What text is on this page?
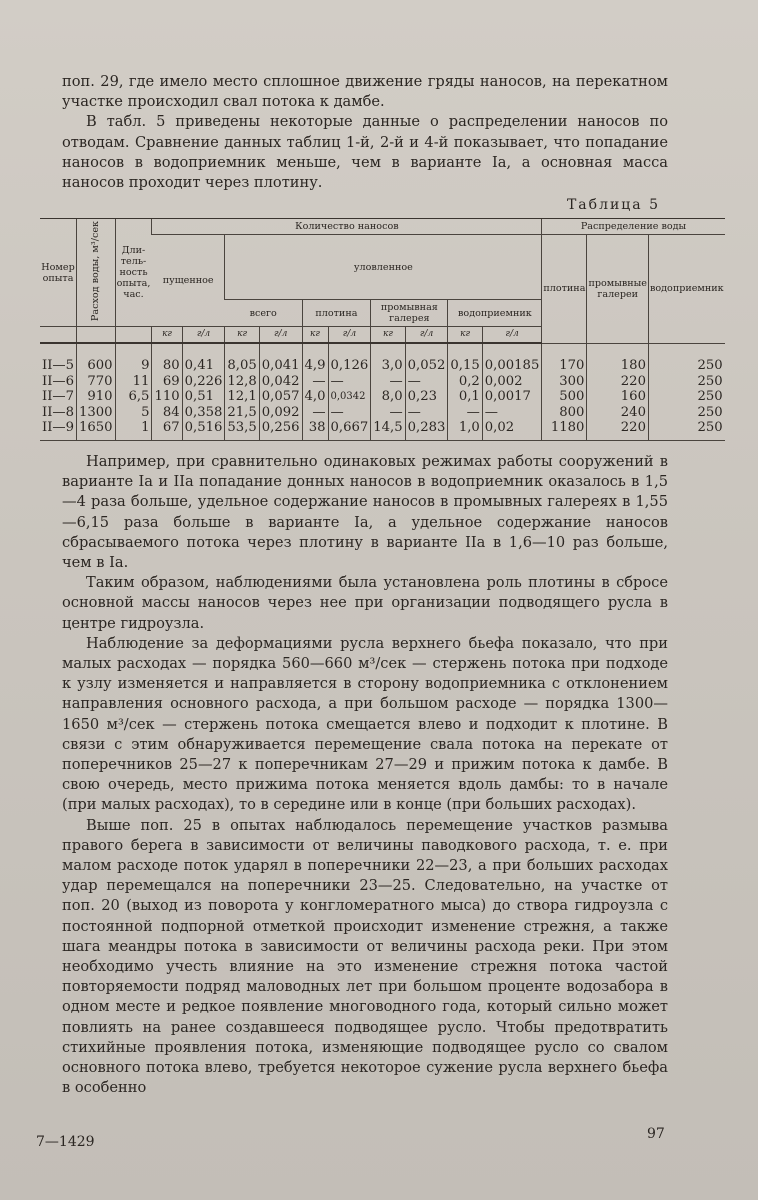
поп. 29, где имело место сплошное движение гряды наносов, на перекатном участке происходил свал потока к дамбе.

В табл. 5 приведены некоторые данные о распределении наносов по отводам. Сравнение данных таблиц 1-й, 2-й и 4-й показывает, что попадание наносов в водоприемник меньше, чем в варианте Iа, а основная масса наносов проходит через плотину.

Таблица 5
Номер опыта	Расход воды, м³/сек	Дли-тель-ность опыта, час.	Количество наносов										Распределение воды		
			пущенное		уловленное								плотина	промывные галереи	водоприемник
					всего		плотина		промывная галерея		водоприемник				
			кг	г/л	кг	г/л	кг	г/л	кг	г/л	кг	г/л			
II—5	600	9	80	0,41	8,05	0,041	4,9	0,126	3,0	0,052	0,15	0,00185	170	180	250
II—6	770	11	69	0,226	12,8	0,042	—	—	—	—	0,2	0,002	300	220	250
II—7	910	6,5	110	0,51	12,1	0,057	4,0	0,0342	8,0	0,23	0,1	0,0017	500	160	250
II—8	1300	5	84	0,358	21,5	0,092	—	—	—	—	—	—	800	240	250
II—9	1650	1	67	0,516	53,5	0,256	38	0,667	14,5	0,283	1,0	0,02	1180	220	250

Например, при сравнительно одинаковых режимах работы сооружений в варианте Iа и IIа попадание донных наносов в водоприемник оказалось в 1,5—4 раза больше, удельное содержание наносов в промывных галереях в 1,55—6,15 раза больше в варианте Iа, а удельное содержание наносов сбрасываемого потока через плотину в варианте IIа в 1,6—10 раз больше, чем в Iа.

Таким образом, наблюдениями была установлена роль плотины в сбросе основной массы наносов через нее при организации подводящего русла в центре гидроузла.

Наблюдение за деформациями русла верхнего бьефа показало, что при малых расходах — порядка 560—660 м³/сек — стержень потока при подходе к узлу изменяется и направляется в сторону водоприемника с отклонением направления основного расхода, а при большом расходе — порядка 1300—1650 м³/сек — стержень потока смещается влево и подходит к плотине. В связи с этим обнаруживается перемещение свала потока на перекате от поперечников 25—27 к поперечникам 27—29 и прижим потока к дамбе. В свою очередь, место прижима потока меняется вдоль дамбы: то в начале (при малых расходах), то в середине или в конце (при больших расходах).

Выше поп. 25 в опытах наблюдалось перемещение участков размыва правого берега в зависимости от величины паводкового расхода, т. е. при малом расходе поток ударял в поперечники 22—23, а при больших расходах удар перемещался на поперечники 23—25. Следовательно, на участке от поп. 20 (выход из поворота у конгломератного мыса) до створа гидроузла с постоянной подпорной отметкой происходит изменение стрежня, а также шага меандры потока в зависимости от величины расхода реки. При этом необходимо учесть влияние на это изменение стрежня потока частой повторяемости подряд маловодных лет при большом проценте водозабора в одном месте и редкое появление многоводного года, который сильно может повлиять на ранее создавшееся подводящее русло. Чтобы предотвратить стихийные проявления потока, изменяющие подводящее русло со свалом основного потока влево, требуется некоторое сужение русла верхнего бьефа в особенно

7—1429	97
